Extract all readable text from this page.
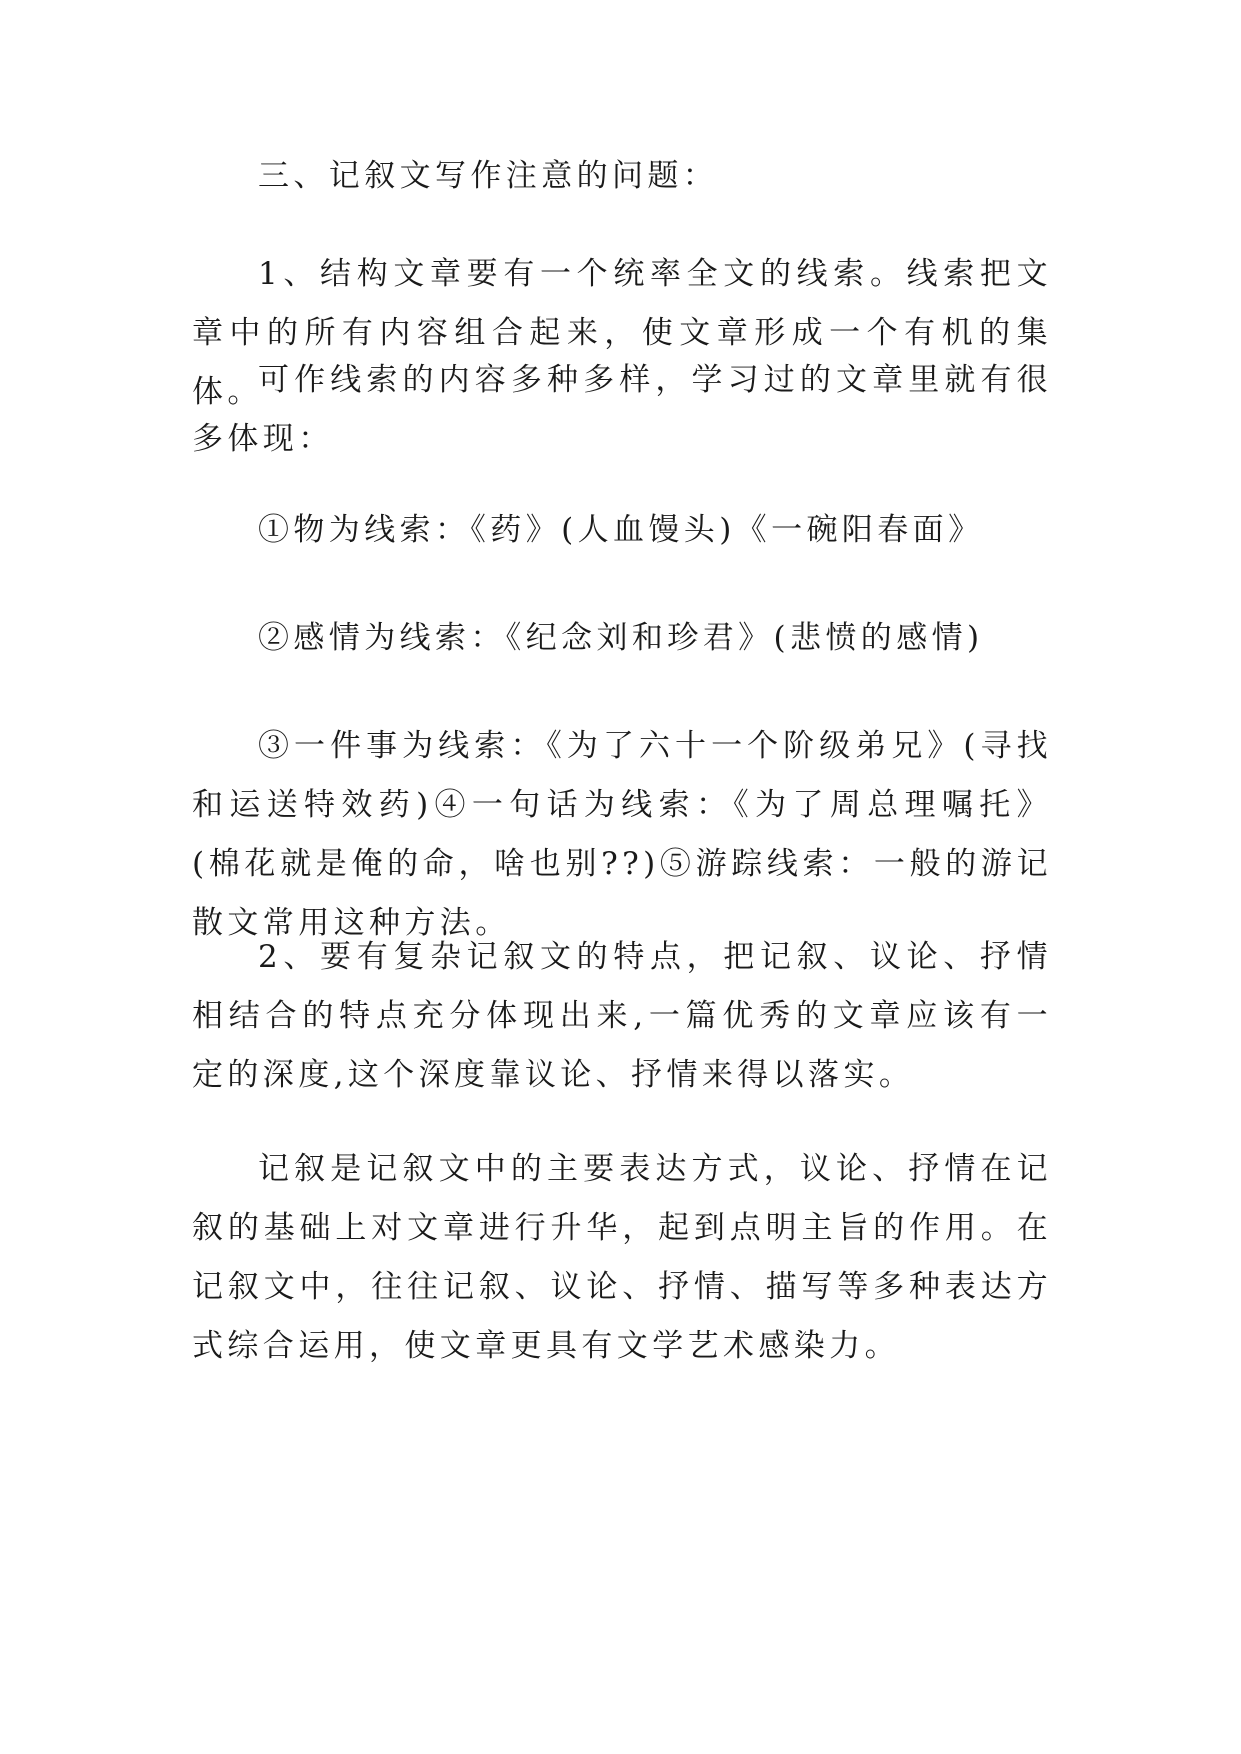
三、记叙文写作注意的问题：

1、结构文章要有一个统率全文的线索。线索把文章中的所有内容组合起来，使文章形成一个有机的集体。

可作线索的内容多种多样，学习过的文章里就有很多体现：

①物为线索：《药》(人血馒头)《一碗阳春面》

②感情为线索：《纪念刘和珍君》(悲愤的感情)

③一件事为线索：《为了六十一个阶级弟兄》(寻找和运送特效药)④一句话为线索：《为了周总理嘱托》(棉花就是俺的命，啥也别??)⑤游踪线索：一般的游记散文常用这种方法。

2、要有复杂记叙文的特点，把记叙、议论、抒情相结合的特点充分体现出来,一篇优秀的文章应该有一定的深度,这个深度靠议论、抒情来得以落实。

记叙是记叙文中的主要表达方式，议论、抒情在记叙的基础上对文章进行升华，起到点明主旨的作用。在记叙文中，往往记叙、议论、抒情、描写等多种表达方式综合运用，使文章更具有文学艺术感染力。
